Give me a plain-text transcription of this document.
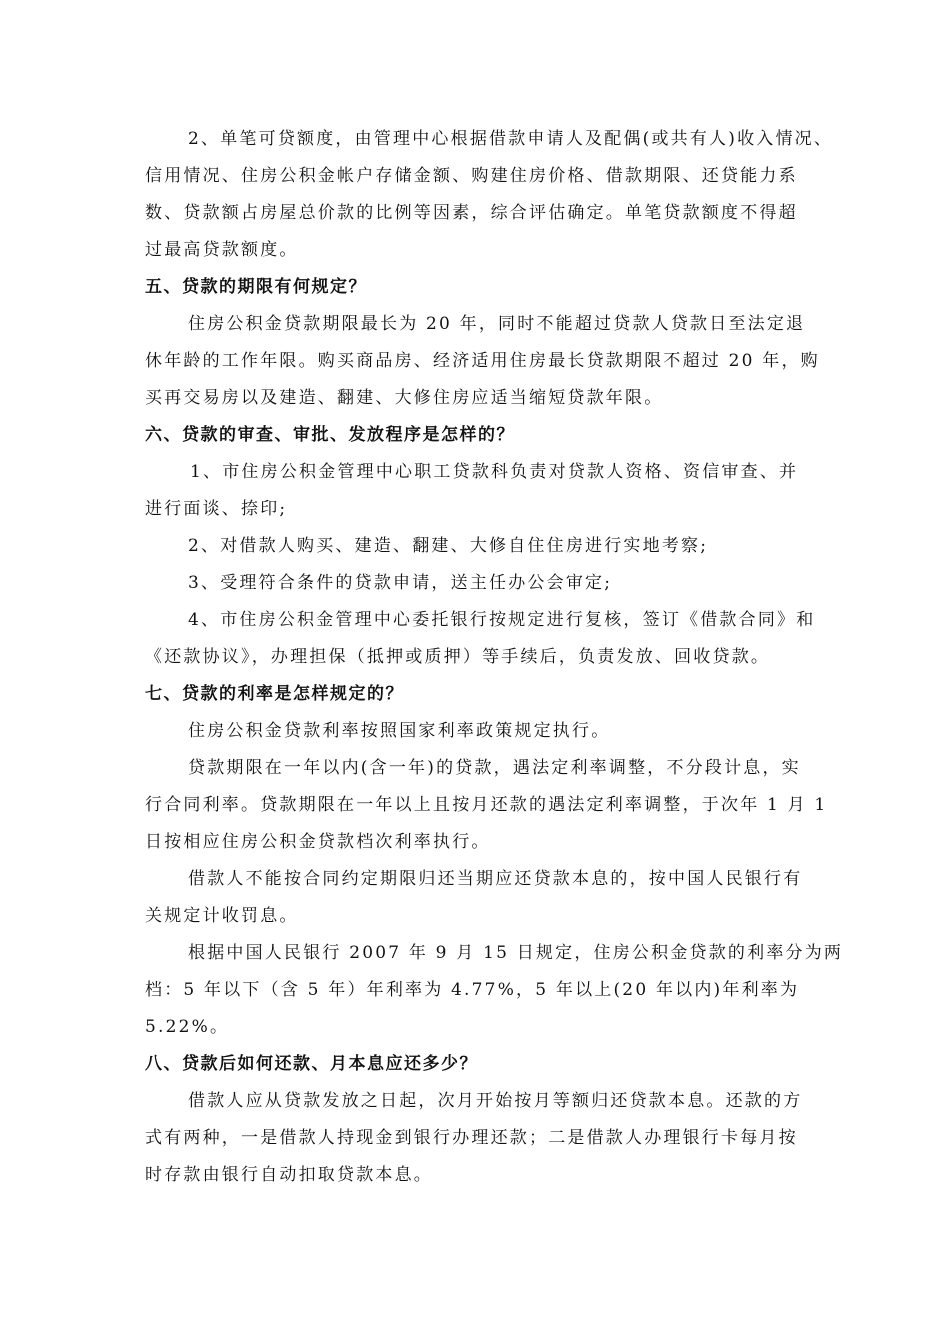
2、单笔可贷额度，由管理中心根据借款申请人及配偶(或共有人)收入情况、
信用情况、住房公积金帐户存储金额、购建住房价格、借款期限、还贷能力系
数、贷款额占房屋总价款的比例等因素，综合评估确定。单笔贷款额度不得超
过最高贷款额度。
五、贷款的期限有何规定？
住房公积金贷款期限最长为 20 年，同时不能超过贷款人贷款日至法定退
休年龄的工作年限。购买商品房、经济适用住房最长贷款期限不超过 20 年，购
买再交易房以及建造、翻建、大修住房应适当缩短贷款年限。
六、贷款的审查、审批、发放程序是怎样的？
1、市住房公积金管理中心职工贷款科负责对贷款人资格、资信审查、并
进行面谈、捺印;
2、对借款人购买、建造、翻建、大修自住住房进行实地考察;
3、受理符合条件的贷款申请，送主任办公会审定;
4、市住房公积金管理中心委托银行按规定进行复核，签订《借款合同》和
《还款协议》，办理担保（抵押或质押）等手续后，负责发放、回收贷款。
七、贷款的利率是怎样规定的？
住房公积金贷款利率按照国家利率政策规定执行。
贷款期限在一年以内(含一年)的贷款，遇法定利率调整，不分段计息，实
行合同利率。贷款期限在一年以上且按月还款的遇法定利率调整，于次年 1 月 1
日按相应住房公积金贷款档次利率执行。
借款人不能按合同约定期限归还当期应还贷款本息的，按中国人民银行有
关规定计收罚息。
根据中国人民银行 2007 年 9 月 15 日规定，住房公积金贷款的利率分为两
档：5 年以下（含 5 年）年利率为 4.77%，5 年以上(20 年以内)年利率为
5.22%。
八、贷款后如何还款、月本息应还多少？
借款人应从贷款发放之日起，次月开始按月等额归还贷款本息。还款的方
式有两种，一是借款人持现金到银行办理还款；二是借款人办理银行卡每月按
时存款由银行自动扣取贷款本息。
